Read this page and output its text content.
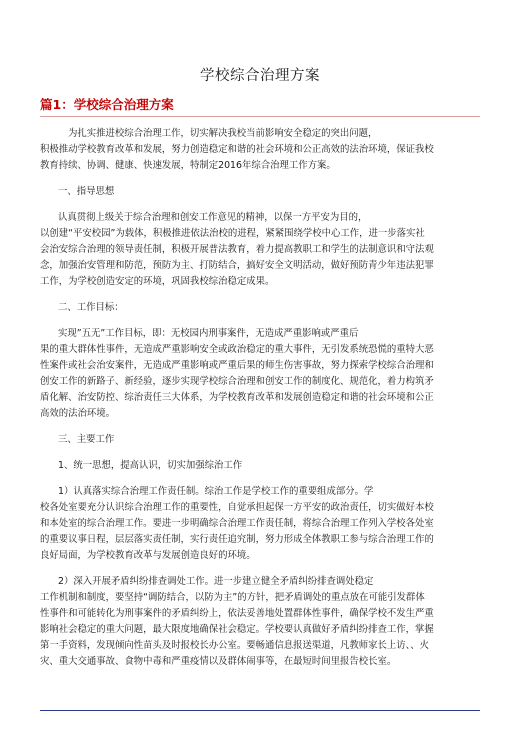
学校综合治理方案
篇1：学校综合治理方案
为扎实推进校综合治理工作，切实解决我校当前影响安全稳定的突出问题，
积极推动学校教育改革和发展，努力创造稳定和谐的社会环境和公正高效的法治环境，保证我校
教育持续、协调、健康、快速发展，特制定2016年综合治理工作方案。
一、指导思想
认真贯彻上级关于综合治理和创安工作意见的精神，以保一方平安为目的，
以创建“平安校园”为载体，积极推进依法治校的进程，紧紧围绕学校中心工作，进一步落实社
会治安综合治理的领导责任制，积极开展普法教育，着力提高教职工和学生的法制意识和守法观
念，加强治安管理和防范，预防为主、打防结合，搞好安全文明活动，做好预防青少年违法犯罪
工作，为学校创造安定的环境，巩固我校综治稳定成果。
二、工作目标：
实现”五无”工作目标，即：无校园内刑事案件，无造成严重影响或严重后
果的重大群体性事件，无造成严重影响安全或政治稳定的重大事件，无引发系统恐慌的重特大恶
性案件或社会治安案件，无造成严重影响或严重后果的师生伤害事故，努力探索学校综合治理和
创安工作的新路子、新经验，逐步实现学校综合治理和创安工作的制度化、规范化，着力构筑矛
盾化解、治安防控、综治责任三大体系，为学校教育改革和发展创造稳定和谐的社会环境和公正
高效的法治环境。
三、主要工作
1、统一思想，提高认识，切实加强综治工作
1）认真落实综合治理工作责任制。综治工作是学校工作的重要组成部分。学
校各处室要充分认识综合治理工作的重要性，自觉承担起保一方平安的政治责任，切实做好本校
和本处室的综合治理工作。要进一步明确综合治理工作责任制，将综合治理工作列入学校各处室
的重要议事日程，层层落实责任制，实行责任追究制，努力形成全体教职工参与综合治理工作的
良好局面，为学校教育改革与发展创造良好的环境。
2）深入开展矛盾纠纷排查调处工作。进一步建立健全矛盾纠纷排查调处稳定
工作机制和制度，要坚持“调防结合，以防为主”的方针，把矛盾调处的重点放在可能引发群体
性事件和可能转化为刑事案件的矛盾纠纷上，依法妥善地处置群体性事件，确保学校不发生严重
影响社会稳定的重大问题，最大限度地确保社会稳定。学校要认真做好矛盾纠纷排查工作，掌握
第一手资料，发现倾向性苗头及时报校长办公室。要畅通信息报送渠道，凡教师家长上访、、火
灾、重大交通事故、食物中毒和严重疫情以及群体闹事等，在最短时间里报告校长室。
